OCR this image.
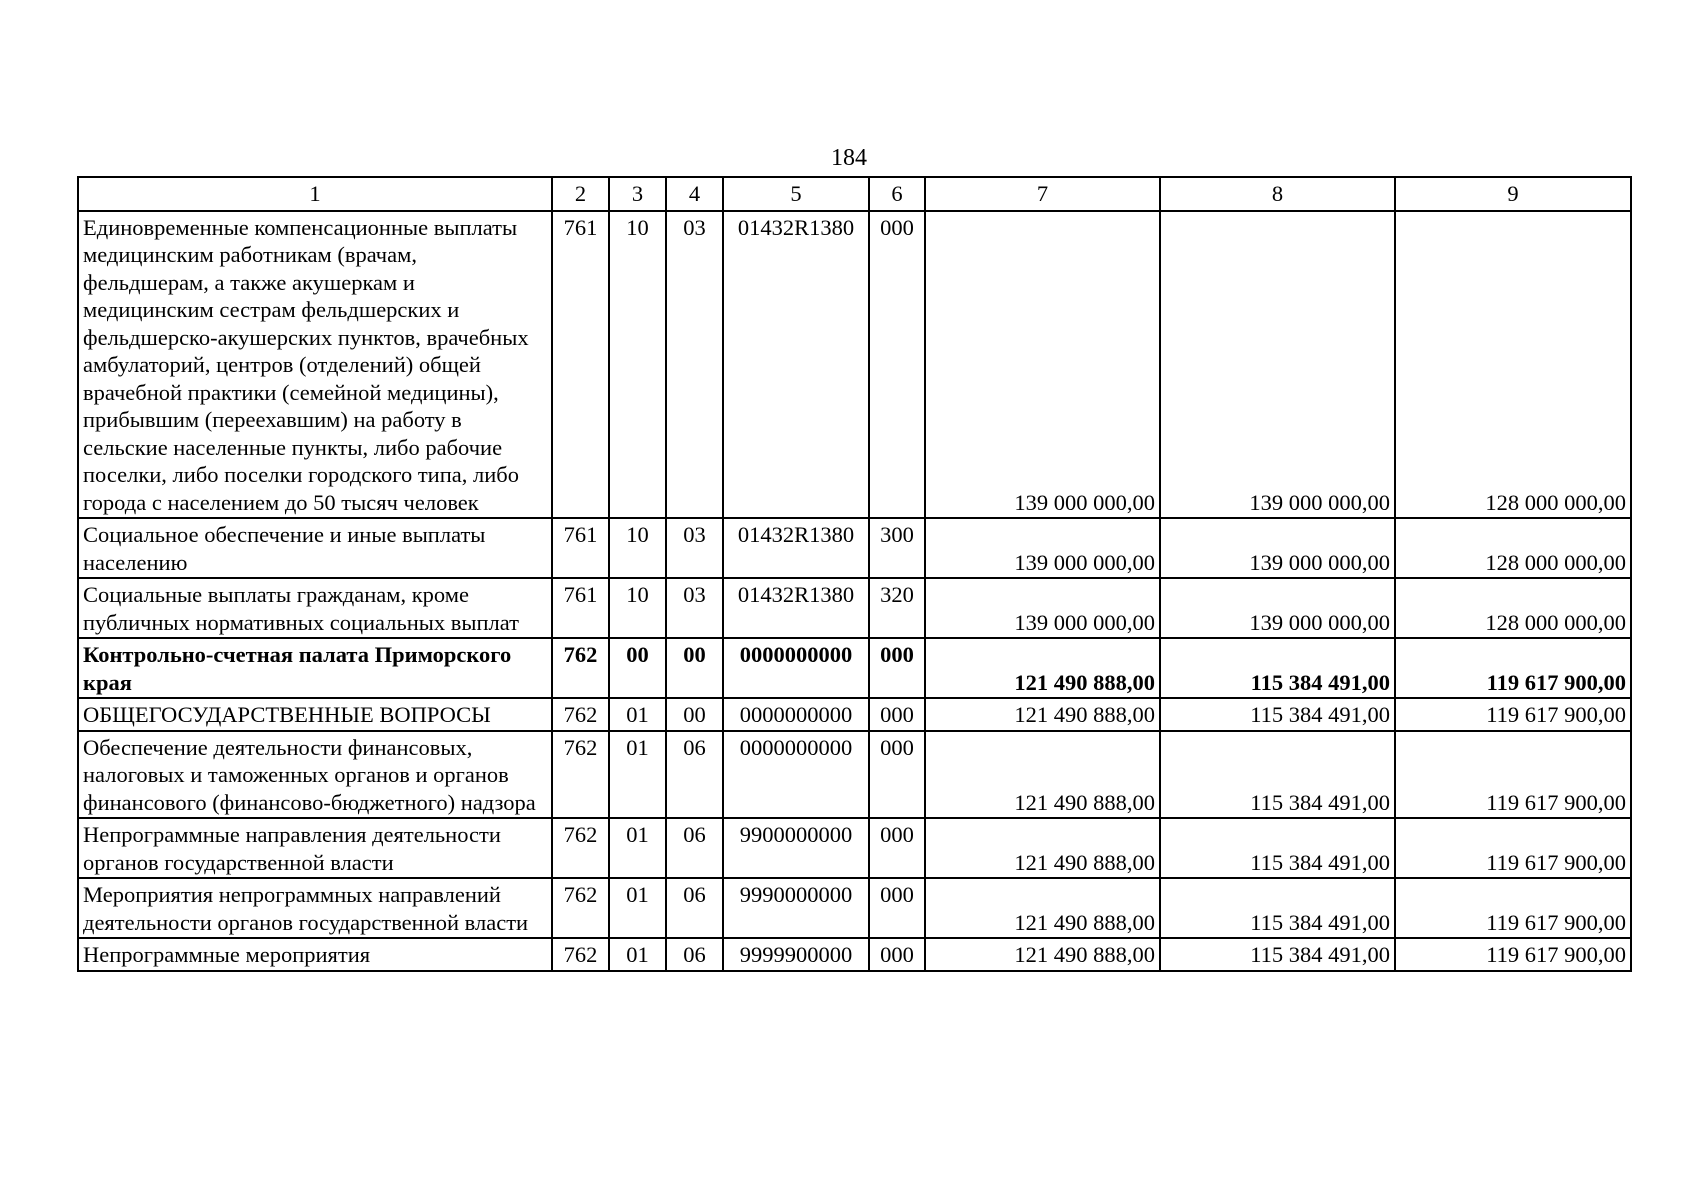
184
1	2	3	4	5	6	7	8	9
Единовременные компенсационные выплаты медицинским работникам (врачам, фельдшерам, а также акушеркам и медицинским сестрам фельдшерских и фельдшерско-акушерских пунктов, врачебных амбулаторий, центров (отделений) общей врачебной практики (семейной медицины), прибывшим (переехавшим) на работу в сельские населенные пункты, либо рабочие поселки, либо поселки городского типа, либо города с населением до 50 тысяч человек	761	10	03	01432R1380	000	139 000 000,00	139 000 000,00	128 000 000,00
Социальное обеспечение и иные выплаты населению	761	10	03	01432R1380	300	139 000 000,00	139 000 000,00	128 000 000,00
Социальные выплаты гражданам, кроме публичных нормативных социальных выплат	761	10	03	01432R1380	320	139 000 000,00	139 000 000,00	128 000 000,00
Контрольно-счетная палата Приморского края	762	00	00	0000000000	000	121 490 888,00	115 384 491,00	119 617 900,00
ОБЩЕГОСУДАРСТВЕННЫЕ ВОПРОСЫ	762	01	00	0000000000	000	121 490 888,00	115 384 491,00	119 617 900,00
Обеспечение деятельности финансовых, налоговых и таможенных органов и органов финансового (финансово-бюджетного) надзора	762	01	06	0000000000	000	121 490 888,00	115 384 491,00	119 617 900,00
Непрограммные направления деятельности органов государственной власти	762	01	06	9900000000	000	121 490 888,00	115 384 491,00	119 617 900,00
Мероприятия непрограммных направлений деятельности органов государственной власти	762	01	06	9990000000	000	121 490 888,00	115 384 491,00	119 617 900,00
Непрограммные мероприятия	762	01	06	9999900000	000	121 490 888,00	115 384 491,00	119 617 900,00
